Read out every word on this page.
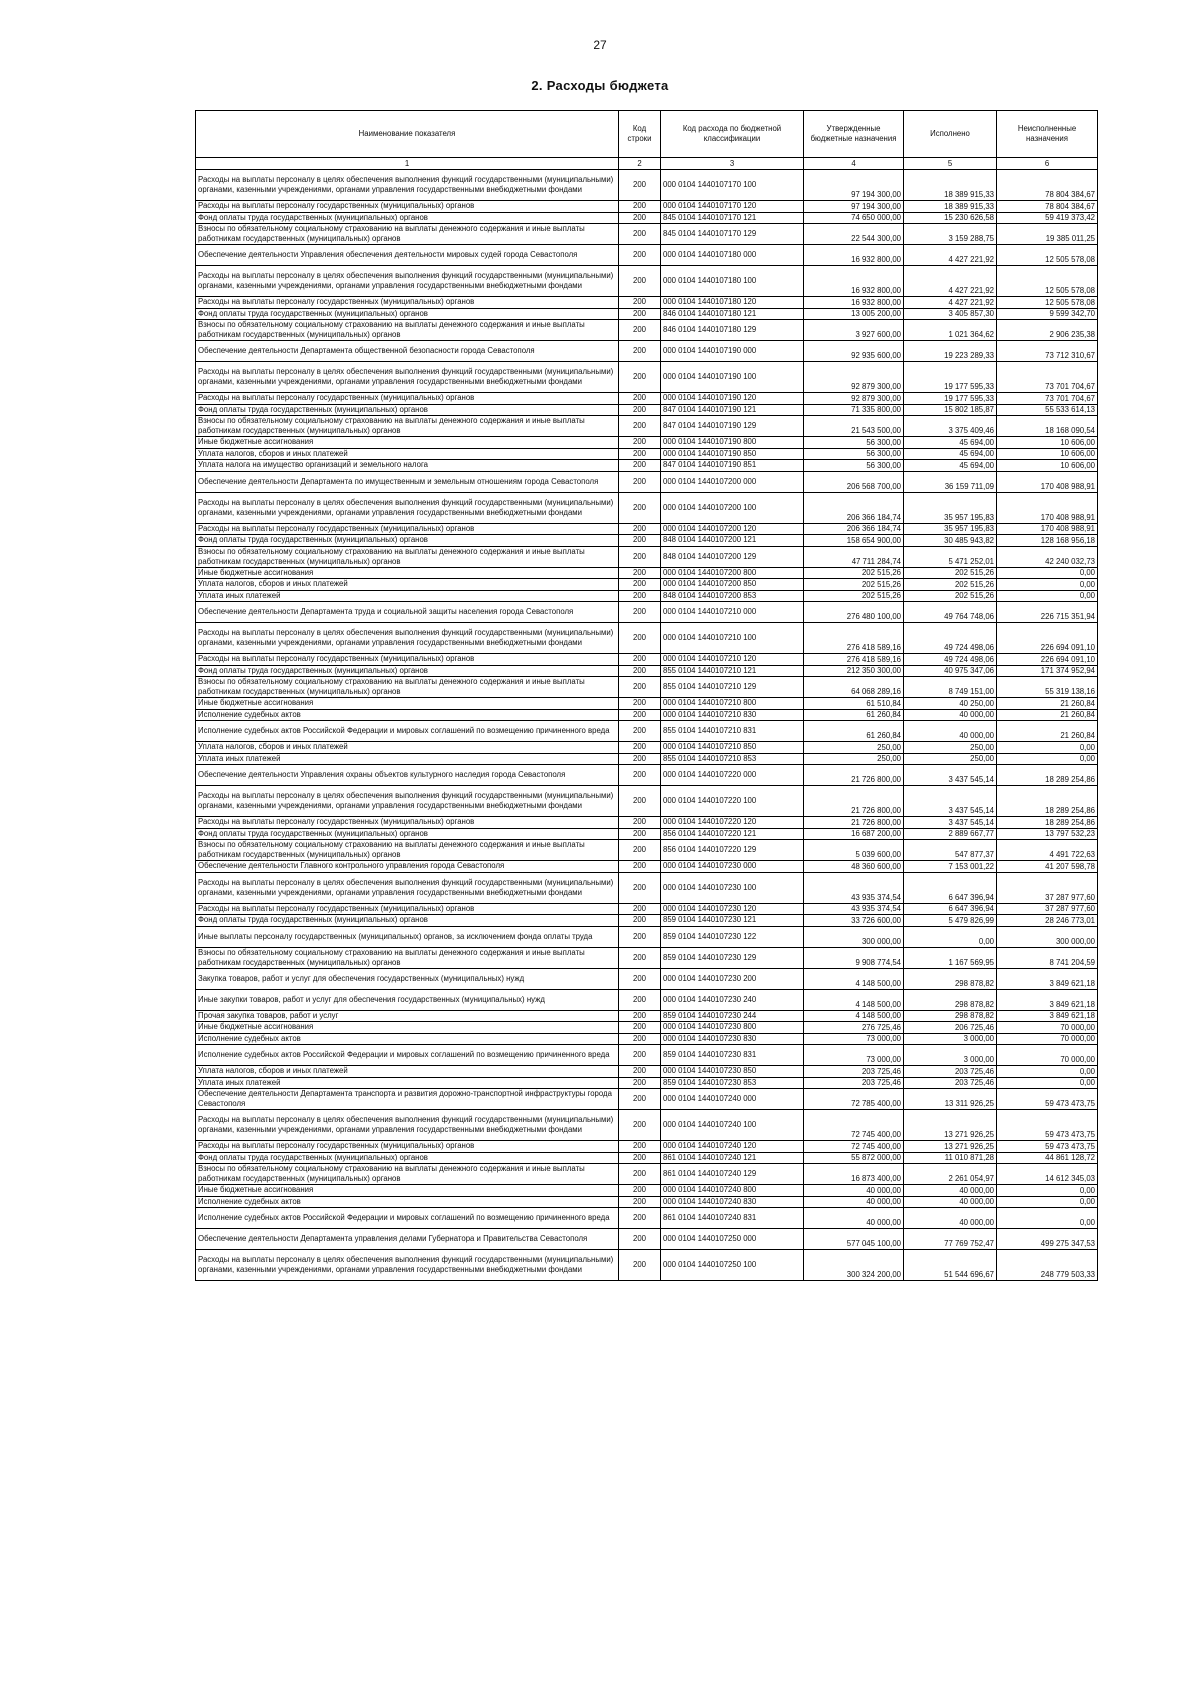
27
2. Расходы бюджета
Наименование показателя	Код строки	Код расхода по бюджетной классификации	Утвержденные бюджетные назначения	Исполнено	Неисполненные назначения
1	2	3	4	5	6
Расходы на выплаты персоналу в целях обеспечения выполнения функций государственными (муниципальными) органами, казенными учреждениями, органами управления государственными внебюджетными фондами	200	000 0104 1440107170 100	97 194 300,00	18 389 915,33	78 804 384,67
Расходы на выплаты персоналу государственных (муниципальных) органов	200	000 0104 1440107170 120	97 194 300,00	18 389 915,33	78 804 384,67
Фонд оплаты труда государственных (муниципальных) органов	200	845 0104 1440107170 121	74 650 000,00	15 230 626,58	59 419 373,42
Взносы по обязательному социальному страхованию на выплаты денежного содержания и иные выплаты работникам государственных (муниципальных) органов	200	845 0104 1440107170 129	22 544 300,00	3 159 288,75	19 385 011,25
Обеспечение деятельности Управления обеспечения деятельности мировых судей города Севастополя	200	000 0104 1440107180 000	16 932 800,00	4 427 221,92	12 505 578,08
Расходы на выплаты персоналу в целях обеспечения выполнения функций государственными (муниципальными) органами, казенными учреждениями, органами управления государственными внебюджетными фондами	200	000 0104 1440107180 100	16 932 800,00	4 427 221,92	12 505 578,08
Расходы на выплаты персоналу государственных (муниципальных) органов	200	000 0104 1440107180 120	16 932 800,00	4 427 221,92	12 505 578,08
Фонд оплаты труда государственных (муниципальных) органов	200	846 0104 1440107180 121	13 005 200,00	3 405 857,30	9 599 342,70
Взносы по обязательному социальному страхованию на выплаты денежного содержания и иные выплаты работникам государственных (муниципальных) органов	200	846 0104 1440107180 129	3 927 600,00	1 021 364,62	2 906 235,38
Обеспечение деятельности Департамента общественной безопасности города Севастополя	200	000 0104 1440107190 000	92 935 600,00	19 223 289,33	73 712 310,67
Расходы на выплаты персоналу в целях обеспечения выполнения функций государственными (муниципальными) органами, казенными учреждениями, органами управления государственными внебюджетными фондами	200	000 0104 1440107190 100	92 879 300,00	19 177 595,33	73 701 704,67
Расходы на выплаты персоналу государственных (муниципальных) органов	200	000 0104 1440107190 120	92 879 300,00	19 177 595,33	73 701 704,67
Фонд оплаты труда государственных (муниципальных) органов	200	847 0104 1440107190 121	71 335 800,00	15 802 185,87	55 533 614,13
Взносы по обязательному социальному страхованию на выплаты денежного содержания и иные выплаты работникам государственных (муниципальных) органов	200	847 0104 1440107190 129	21 543 500,00	3 375 409,46	18 168 090,54
Иные бюджетные ассигнования	200	000 0104 1440107190 800	56 300,00	45 694,00	10 606,00
Уплата налогов, сборов и иных платежей	200	000 0104 1440107190 850	56 300,00	45 694,00	10 606,00
Уплата налога на имущество организаций и земельного налога	200	847 0104 1440107190 851	56 300,00	45 694,00	10 606,00
Обеспечение деятельности Департамента по имущественным и земельным отношениям города Севастополя	200	000 0104 1440107200 000	206 568 700,00	36 159 711,09	170 408 988,91
Расходы на выплаты персоналу в целях обеспечения выполнения функций государственными (муниципальными) органами, казенными учреждениями, органами управления государственными внебюджетными фондами	200	000 0104 1440107200 100	206 366 184,74	35 957 195,83	170 408 988,91
Расходы на выплаты персоналу государственных (муниципальных) органов	200	000 0104 1440107200 120	206 366 184,74	35 957 195,83	170 408 988,91
Фонд оплаты труда государственных (муниципальных) органов	200	848 0104 1440107200 121	158 654 900,00	30 485 943,82	128 168 956,18
Взносы по обязательному социальному страхованию на выплаты денежного содержания и иные выплаты работникам государственных (муниципальных) органов	200	848 0104 1440107200 129	47 711 284,74	5 471 252,01	42 240 032,73
Иные бюджетные ассигнования	200	000 0104 1440107200 800	202 515,26	202 515,26	0,00
Уплата налогов, сборов и иных платежей	200	000 0104 1440107200 850	202 515,26	202 515,26	0,00
Уплата иных платежей	200	848 0104 1440107200 853	202 515,26	202 515,26	0,00
Обеспечение деятельности Департамента труда и социальной защиты населения города Севастополя	200	000 0104 1440107210 000	276 480 100,00	49 764 748,06	226 715 351,94
Расходы на выплаты персоналу в целях обеспечения выполнения функций государственными (муниципальными) органами, казенными учреждениями, органами управления государственными внебюджетными фондами	200	000 0104 1440107210 100	276 418 589,16	49 724 498,06	226 694 091,10
Расходы на выплаты персоналу государственных (муниципальных) органов	200	000 0104 1440107210 120	276 418 589,16	49 724 498,06	226 694 091,10
Фонд оплаты труда государственных (муниципальных) органов	200	855 0104 1440107210 121	212 350 300,00	40 975 347,06	171 374 952,94
Взносы по обязательному социальному страхованию на выплаты денежного содержания и иные выплаты работникам государственных (муниципальных) органов	200	855 0104 1440107210 129	64 068 289,16	8 749 151,00	55 319 138,16
Иные бюджетные ассигнования	200	000 0104 1440107210 800	61 510,84	40 250,00	21 260,84
Исполнение судебных актов	200	000 0104 1440107210 830	61 260,84	40 000,00	21 260,84
Исполнение судебных актов Российской Федерации и мировых соглашений по возмещению причиненного вреда	200	855 0104 1440107210 831	61 260,84	40 000,00	21 260,84
Уплата налогов, сборов и иных платежей	200	000 0104 1440107210 850	250,00	250,00	0,00
Уплата иных платежей	200	855 0104 1440107210 853	250,00	250,00	0,00
Обеспечение деятельности Управления охраны объектов культурного наследия города Севастополя	200	000 0104 1440107220 000	21 726 800,00	3 437 545,14	18 289 254,86
Расходы на выплаты персоналу в целях обеспечения выполнения функций государственными (муниципальными) органами, казенными учреждениями, органами управления государственными внебюджетными фондами	200	000 0104 1440107220 100	21 726 800,00	3 437 545,14	18 289 254,86
Расходы на выплаты персоналу государственных (муниципальных) органов	200	000 0104 1440107220 120	21 726 800,00	3 437 545,14	18 289 254,86
Фонд оплаты труда государственных (муниципальных) органов	200	856 0104 1440107220 121	16 687 200,00	2 889 667,77	13 797 532,23
Взносы по обязательному социальному страхованию на выплаты денежного содержания и иные выплаты работникам государственных (муниципальных) органов	200	856 0104 1440107220 129	5 039 600,00	547 877,37	4 491 722,63
Обеспечение деятельности Главного контрольного управления города Севастополя	200	000 0104 1440107230 000	48 360 600,00	7 153 001,22	41 207 598,78
Расходы на выплаты персоналу в целях обеспечения выполнения функций государственными (муниципальными) органами, казенными учреждениями, органами управления государственными внебюджетными фондами	200	000 0104 1440107230 100	43 935 374,54	6 647 396,94	37 287 977,60
Расходы на выплаты персоналу государственных (муниципальных) органов	200	000 0104 1440107230 120	43 935 374,54	6 647 396,94	37 287 977,60
Фонд оплаты труда государственных (муниципальных) органов	200	859 0104 1440107230 121	33 726 600,00	5 479 826,99	28 246 773,01
Иные выплаты персоналу государственных (муниципальных) органов, за исключением фонда оплаты труда	200	859 0104 1440107230 122	300 000,00	0,00	300 000,00
Взносы по обязательному социальному страхованию на выплаты денежного содержания и иные выплаты работникам государственных (муниципальных) органов	200	859 0104 1440107230 129	9 908 774,54	1 167 569,95	8 741 204,59
Закупка товаров, работ и услуг для обеспечения государственных (муниципальных) нужд	200	000 0104 1440107230 200	4 148 500,00	298 878,82	3 849 621,18
Иные закупки товаров, работ и услуг для обеспечения государственных (муниципальных) нужд	200	000 0104 1440107230 240	4 148 500,00	298 878,82	3 849 621,18
Прочая закупка товаров, работ и услуг	200	859 0104 1440107230 244	4 148 500,00	298 878,82	3 849 621,18
Иные бюджетные ассигнования	200	000 0104 1440107230 800	276 725,46	206 725,46	70 000,00
Исполнение судебных актов	200	000 0104 1440107230 830	73 000,00	3 000,00	70 000,00
Исполнение судебных актов Российской Федерации и мировых соглашений по возмещению причиненного вреда	200	859 0104 1440107230 831	73 000,00	3 000,00	70 000,00
Уплата налогов, сборов и иных платежей	200	000 0104 1440107230 850	203 725,46	203 725,46	0,00
Уплата иных платежей	200	859 0104 1440107230 853	203 725,46	203 725,46	0,00
Обеспечение деятельности Департамента транспорта и развития дорожно-транспортной инфраструктуры города Севастополя	200	000 0104 1440107240 000	72 785 400,00	13 311 926,25	59 473 473,75
Расходы на выплаты персоналу в целях обеспечения выполнения функций государственными (муниципальными) органами, казенными учреждениями, органами управления государственными внебюджетными фондами	200	000 0104 1440107240 100	72 745 400,00	13 271 926,25	59 473 473,75
Расходы на выплаты персоналу государственных (муниципальных) органов	200	000 0104 1440107240 120	72 745 400,00	13 271 926,25	59 473 473,75
Фонд оплаты труда государственных (муниципальных) органов	200	861 0104 1440107240 121	55 872 000,00	11 010 871,28	44 861 128,72
Взносы по обязательному социальному страхованию на выплаты денежного содержания и иные выплаты работникам государственных (муниципальных) органов	200	861 0104 1440107240 129	16 873 400,00	2 261 054,97	14 612 345,03
Иные бюджетные ассигнования	200	000 0104 1440107240 800	40 000,00	40 000,00	0,00
Исполнение судебных актов	200	000 0104 1440107240 830	40 000,00	40 000,00	0,00
Исполнение судебных актов Российской Федерации и мировых соглашений по возмещению причиненного вреда	200	861 0104 1440107240 831	40 000,00	40 000,00	0,00
Обеспечение деятельности Департамента управления делами Губернатора и Правительства Севастополя	200	000 0104 1440107250 000	577 045 100,00	77 769 752,47	499 275 347,53
Расходы на выплаты персоналу в целях обеспечения выполнения функций государственными (муниципальными) органами, казенными учреждениями, органами управления государственными внебюджетными фондами	200	000 0104 1440107250 100	300 324 200,00	51 544 696,67	248 779 503,33
